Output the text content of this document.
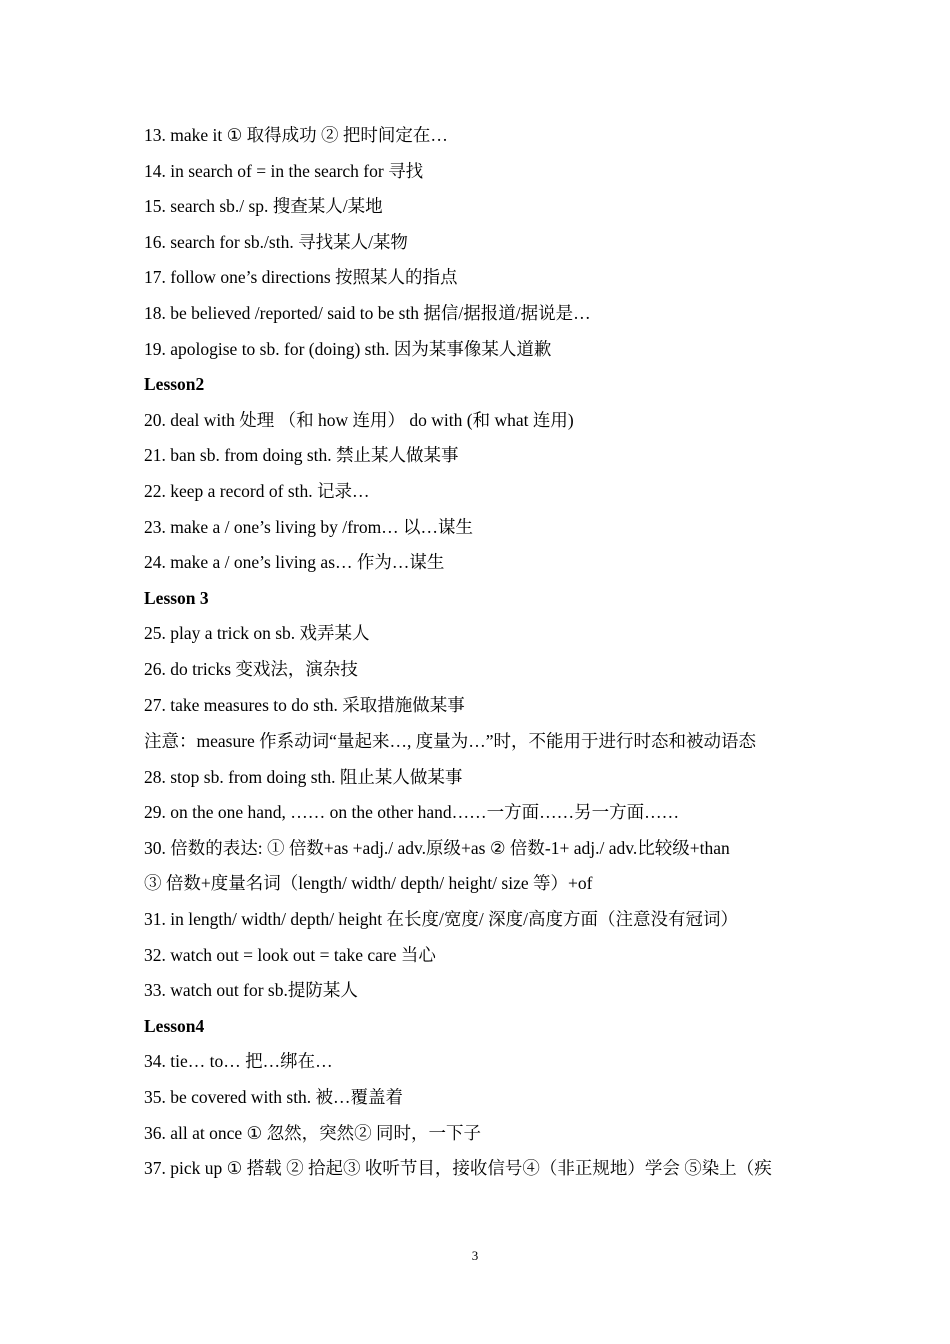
13. make it ① 取得成功 ② 把时间定在…
14. in search of = in the search for 寻找
15. search sb./ sp. 搜查某人/某地
16. search for sb./sth. 寻找某人/某物
17. follow one’s directions 按照某人的指点
18. be believed /reported/ said to be sth 据信/据报道/据说是…
19. apologise to sb. for (doing) sth. 因为某事像某人道歉
Lesson2
20. deal with 处理 （和 how 连用） do with (和 what 连用)
21. ban sb. from doing sth. 禁止某人做某事
22. keep a record of sth. 记录…
23. make a / one’s living by /from… 以…谋生
24. make a / one’s living as… 作为…谋生
Lesson 3
25. play a trick on sb. 戏弄某人
26. do tricks 变戏法，演杂技
27. take measures to do sth. 采取措施做某事
注意：measure 作系动词“量起来…, 度量为…”时，不能用于进行时态和被动语态
28. stop sb. from doing sth. 阻止某人做某事
29. on the one hand, …… on the other hand……一方面……另一方面……
30. 倍数的表达: ① 倍数+as +adj./ adv.原级+as ② 倍数-1+ adj./ adv.比较级+than
③ 倍数+度量名词（length/ width/ depth/ height/ size 等）+of
31. in length/ width/ depth/ height 在长度/宽度/ 深度/高度方面（注意没有冠词）
32. watch out = look out = take care 当心
33. watch out for sb.提防某人
Lesson4
34. tie… to… 把…绑在…
35. be covered with sth. 被…覆盖着
36. all at once ① 忽然，突然② 同时，一下子
37. pick up ① 搭载 ② 拾起③ 收听节目，接收信号④（非正规地）学会 ⑤染上（疾
3
